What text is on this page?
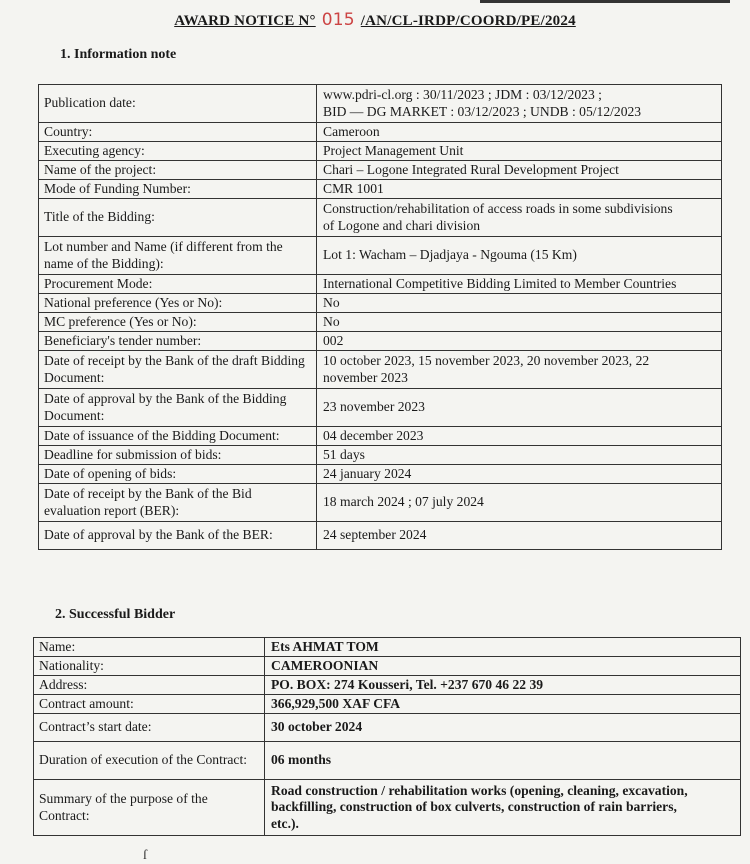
AWARD NOTICE N° 015 /AN/CL-IRDP/COORD/PE/2024
1. Information note
Publication date:	www.pdri-cl.org : 30/11/2023 ; JDM : 03/12/2023 ;
BID — DG MARKET : 03/12/2023 ; UNDB : 05/12/2023

Country:	Cameroon

Executing agency:	Project Management Unit

Name of the project:	Chari – Logone Integrated Rural Development Project

Mode of Funding Number:	CMR 1001

Title of the Bidding:	Construction/rehabilitation of access roads in some subdivisions
of Logone and chari division

Lot number and Name (if different from the name of the Bidding):	Lot 1: Wacham – Djadjaya - Ngouma (15 Km)

Procurement Mode:	International Competitive Bidding Limited to Member Countries

National preference (Yes or No):	No

MC preference (Yes or No):	No

Beneficiary's tender number:	002

Date of receipt by the Bank of the draft Bidding Document:	10 october 2023, 15 november 2023, 20 november 2023, 22
november 2023

Date of approval by the Bank of the Bidding Document:	23 november 2023

Date of issuance of the Bidding Document:	04 december 2023

Deadline for submission of bids:	51 days

Date of opening of bids:	24 january 2024

Date of receipt by the Bank of the Bid evaluation report (BER):	18 march 2024 ; 07 july 2024

Date of approval by the Bank of the BER:	24 september 2024
2. Successful Bidder
Name:	Ets AHMAT TOM

Nationality:	CAMEROONIAN

Address:	PO. BOX: 274 Kousseri, Tel. +237 670 46 22 39

Contract amount:	366,929,500 XAF CFA

Contract’s start date:	30 october 2024

Duration of execution of the Contract:	06 months

Summary of the purpose of the Contract:	Road construction / rehabilitation works (opening, cleaning, excavation,
backfilling, construction of box culverts, construction of rain barriers,
etc.).
ſ
